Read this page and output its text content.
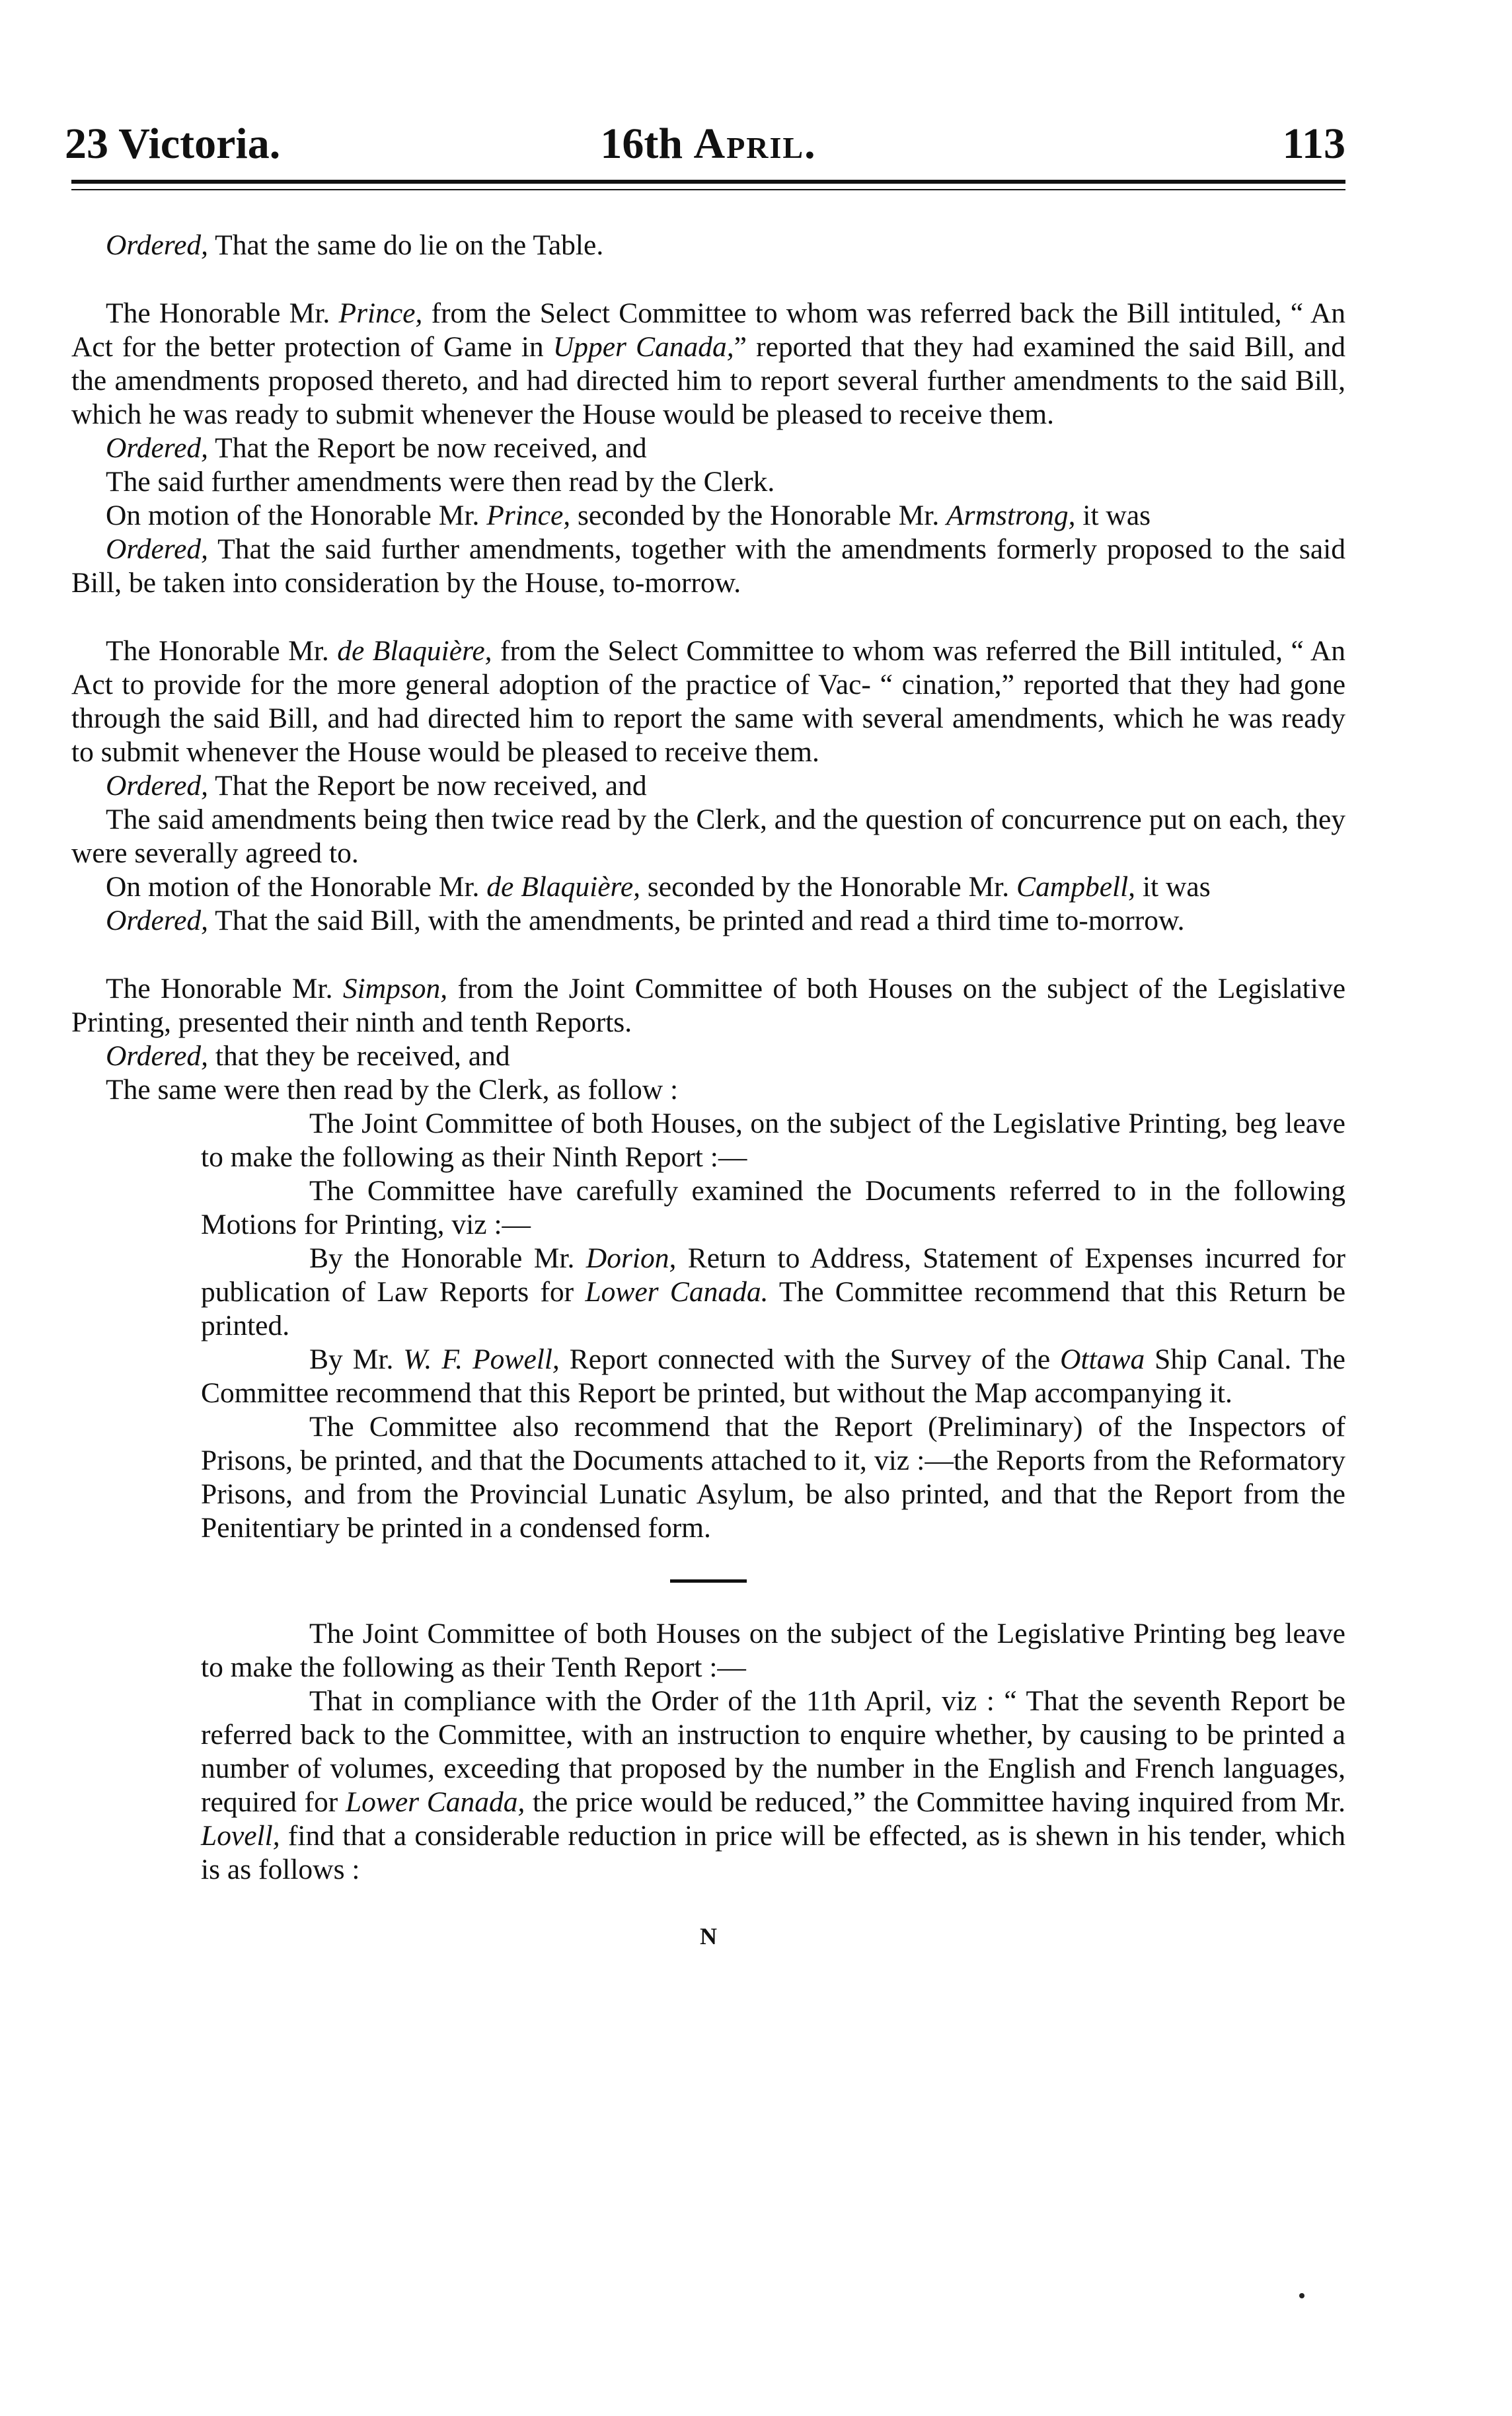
23 Victoria.	16th April.	113

Ordered, That the same do lie on the Table.

The Honorable Mr. Prince, from the Select Committee to whom was referred back the Bill intituled, “ An Act for the better protection of Game in Upper Canada,” reported that they had examined the said Bill, and the amendments proposed thereto, and had directed him to report several further amendments to the said Bill, which he was ready to submit whenever the House would be pleased to receive them.

Ordered, That the Report be now received, and

The said further amendments were then read by the Clerk.

On motion of the Honorable Mr. Prince, seconded by the Honorable Mr. Armstrong, it was

Ordered, That the said further amendments, together with the amendments formerly proposed to the said Bill, be taken into consideration by the House, to-morrow.

The Honorable Mr. de Blaquière, from the Select Committee to whom was referred the Bill intituled, “ An Act to provide for the more general adoption of the practice of Vac- “ cination,” reported that they had gone through the said Bill, and had directed him to report the same with several amendments, which he was ready to submit whenever the House would be pleased to receive them.

Ordered, That the Report be now received, and

The said amendments being then twice read by the Clerk, and the question of concurrence put on each, they were severally agreed to.

On motion of the Honorable Mr. de Blaquière, seconded by the Honorable Mr. Campbell, it was

Ordered, That the said Bill, with the amendments, be printed and read a third time to-morrow.

The Honorable Mr. Simpson, from the Joint Committee of both Houses on the subject of the Legislative Printing, presented their ninth and tenth Reports.

Ordered, that they be received, and

The same were then read by the Clerk, as follow :

The Joint Committee of both Houses, on the subject of the Legislative Printing, beg leave to make the following as their Ninth Report :—

The Committee have carefully examined the Documents referred to in the following Motions for Printing, viz :—

By the Honorable Mr. Dorion, Return to Address, Statement of Expenses incurred for publication of Law Reports for Lower Canada. The Committee recommend that this Return be printed.

By Mr. W. F. Powell, Report connected with the Survey of the Ottawa Ship Canal. The Committee recommend that this Report be printed, but without the Map accompanying it.

The Committee also recommend that the Report (Preliminary) of the Inspectors of Prisons, be printed, and that the Documents attached to it, viz :—the Reports from the Reformatory Prisons, and from the Provincial Lunatic Asylum, be also printed, and that the Report from the Penitentiary be printed in a condensed form.

The Joint Committee of both Houses on the subject of the Legislative Printing beg leave to make the following as their Tenth Report :—

That in compliance with the Order of the 11th April, viz : “ That the seventh Report be referred back to the Committee, with an instruction to enquire whether, by causing to be printed a number of volumes, exceeding that proposed by the number in the English and French languages, required for Lower Canada, the price would be reduced,” the Committee having inquired from Mr. Lovell, find that a considerable reduction in price will be effected, as is shewn in his tender, which is as follows :

N
